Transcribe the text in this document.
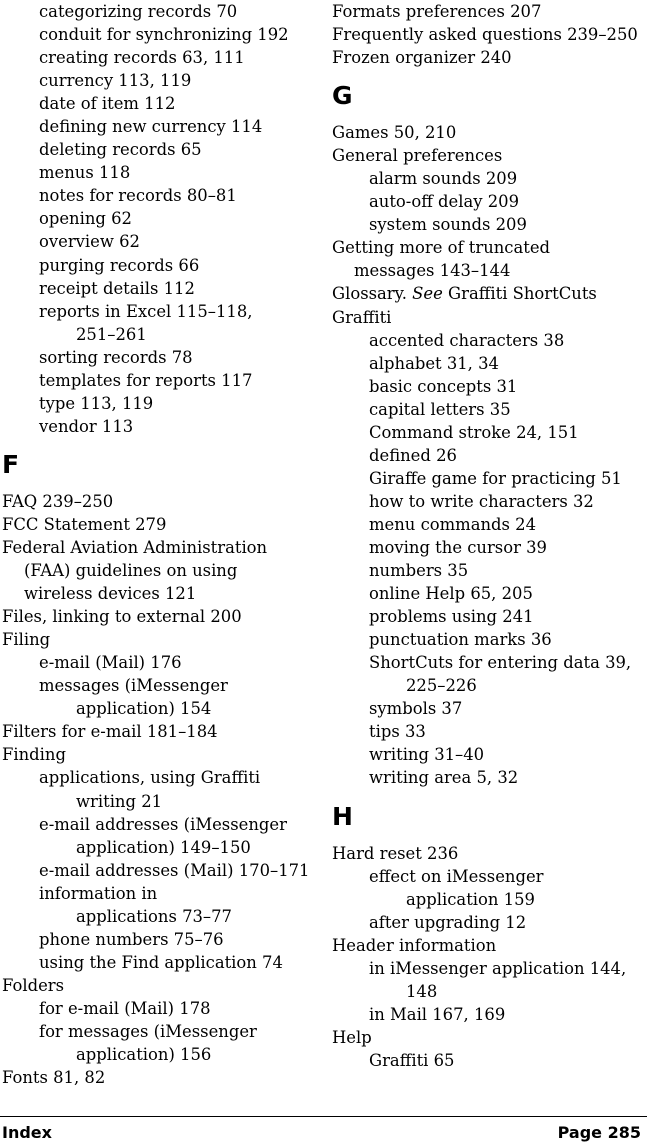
categorizing records 70
conduit for synchronizing 192
creating records 63, 111
currency 113, 119
date of item 112
defining new currency 114
deleting records 65
menus 118
notes for records 80–81
opening 62
overview 62
purging records 66
receipt details 112
reports in Excel 115–118,
251–261
sorting records 78
templates for reports 117
type 113, 119
vendor 113
F
FAQ 239–250
FCC Statement 279
Federal Aviation Administration
(FAA) guidelines on using
wireless devices 121
Files, linking to external 200
Filing
e-mail (Mail) 176
messages (iMessenger
application) 154
Filters for e-mail 181–184
Finding
applications, using Graffiti
writing 21
e-mail addresses (iMessenger
application) 149–150
e-mail addresses (Mail) 170–171
information in
applications 73–77
phone numbers 75–76
using the Find application 74
Folders
for e-mail (Mail) 178
for messages (iMessenger
application) 156
Fonts 81, 82
Formats preferences 207
Frequently asked questions 239–250
Frozen organizer 240
G
Games 50, 210
General preferences
alarm sounds 209
auto-off delay 209
system sounds 209
Getting more of truncated
messages 143–144
Glossary. See Graffiti ShortCuts
Graffiti
accented characters 38
alphabet 31, 34
basic concepts 31
capital letters 35
Command stroke 24, 151
defined 26
Giraffe game for practicing 51
how to write characters 32
menu commands 24
moving the cursor 39
numbers 35
online Help 65, 205
problems using 241
punctuation marks 36
ShortCuts for entering data 39,
225–226
symbols 37
tips 33
writing 31–40
writing area 5, 32
H
Hard reset 236
effect on iMessenger
application 159
after upgrading 12
Header information
in iMessenger application 144,
148
in Mail 167, 169
Help
Graffiti 65
Index	Page 285
